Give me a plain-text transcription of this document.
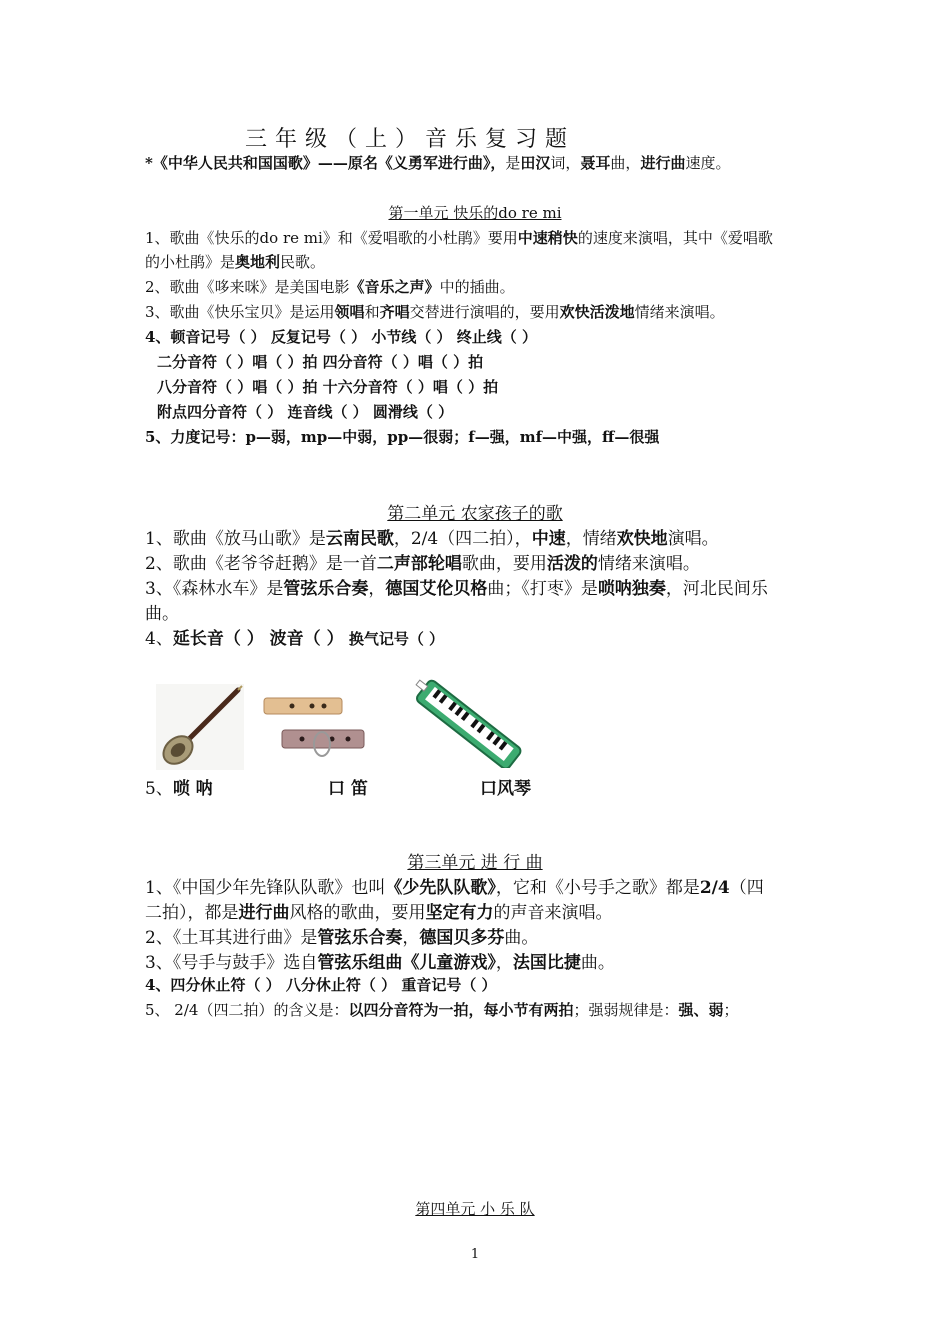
三年级（上）音乐复习题
*《中华人民共和国国歌》——原名《义勇军进行曲》，是田汉词，聂耳曲，进行曲速度。
第一单元 快乐的do re mi
1、歌曲《快乐的do re mi》和《爱唱歌的小杜鹃》要用中速稍快的速度来演唱，其中《爱唱歌
的小杜鹃》是奥地利民歌。
2、歌曲《哆来咪》是美国电影《音乐之声》中的插曲。
3、歌曲《快乐宝贝》是运用领唱和齐唱交替进行演唱的，要用欢快活泼地情绪来演唱。
4、顿音记号（ ） 反复记号（ ） 小节线（ ） 终止线（ ）
二分音符（ ）唱（ ）拍 四分音符（ ）唱（ ）拍
八分音符（ ）唱（ ）拍 十六分音符（ ）唱（ ）拍
附点四分音符（ ） 连音线（ ） 圆滑线（ ）
5、力度记号：p—弱，mp—中弱，pp—很弱；f—强，mf—中强，ff—很强
第二单元 农家孩子的歌
1、歌曲《放马山歌》是云南民歌，2/4（四二拍），中速，情绪欢快地演唱。
2、歌曲《老爷爷赶鹅》是一首二声部轮唱歌曲，要用活泼的情绪来演唱。
3、《森林水车》是管弦乐合奏，德国艾伦贝格曲；《打枣》是唢呐独奏，河北民间乐
曲。
4、延长音（ ） 波音（ ） 换气记号（ ）
5、唢 呐	口 笛	口风琴
第三单元 进 行 曲
1、《中国少年先锋队队歌》也叫《少先队队歌》，它和《小号手之歌》都是2/4（四
二拍），都是进行曲风格的歌曲，要用坚定有力的声音来演唱。
2、《土耳其进行曲》是管弦乐合奏，德国贝多芬曲。
3、《号手与鼓手》选自管弦乐组曲《儿童游戏》，法国比捷曲。
4、四分休止符（ ） 八分休止符（ ） 重音记号（ ）
5、 2/4（四二拍）的含义是：以四分音符为一拍，每小节有两拍；强弱规律是：强、弱；
第四单元 小 乐 队
1
